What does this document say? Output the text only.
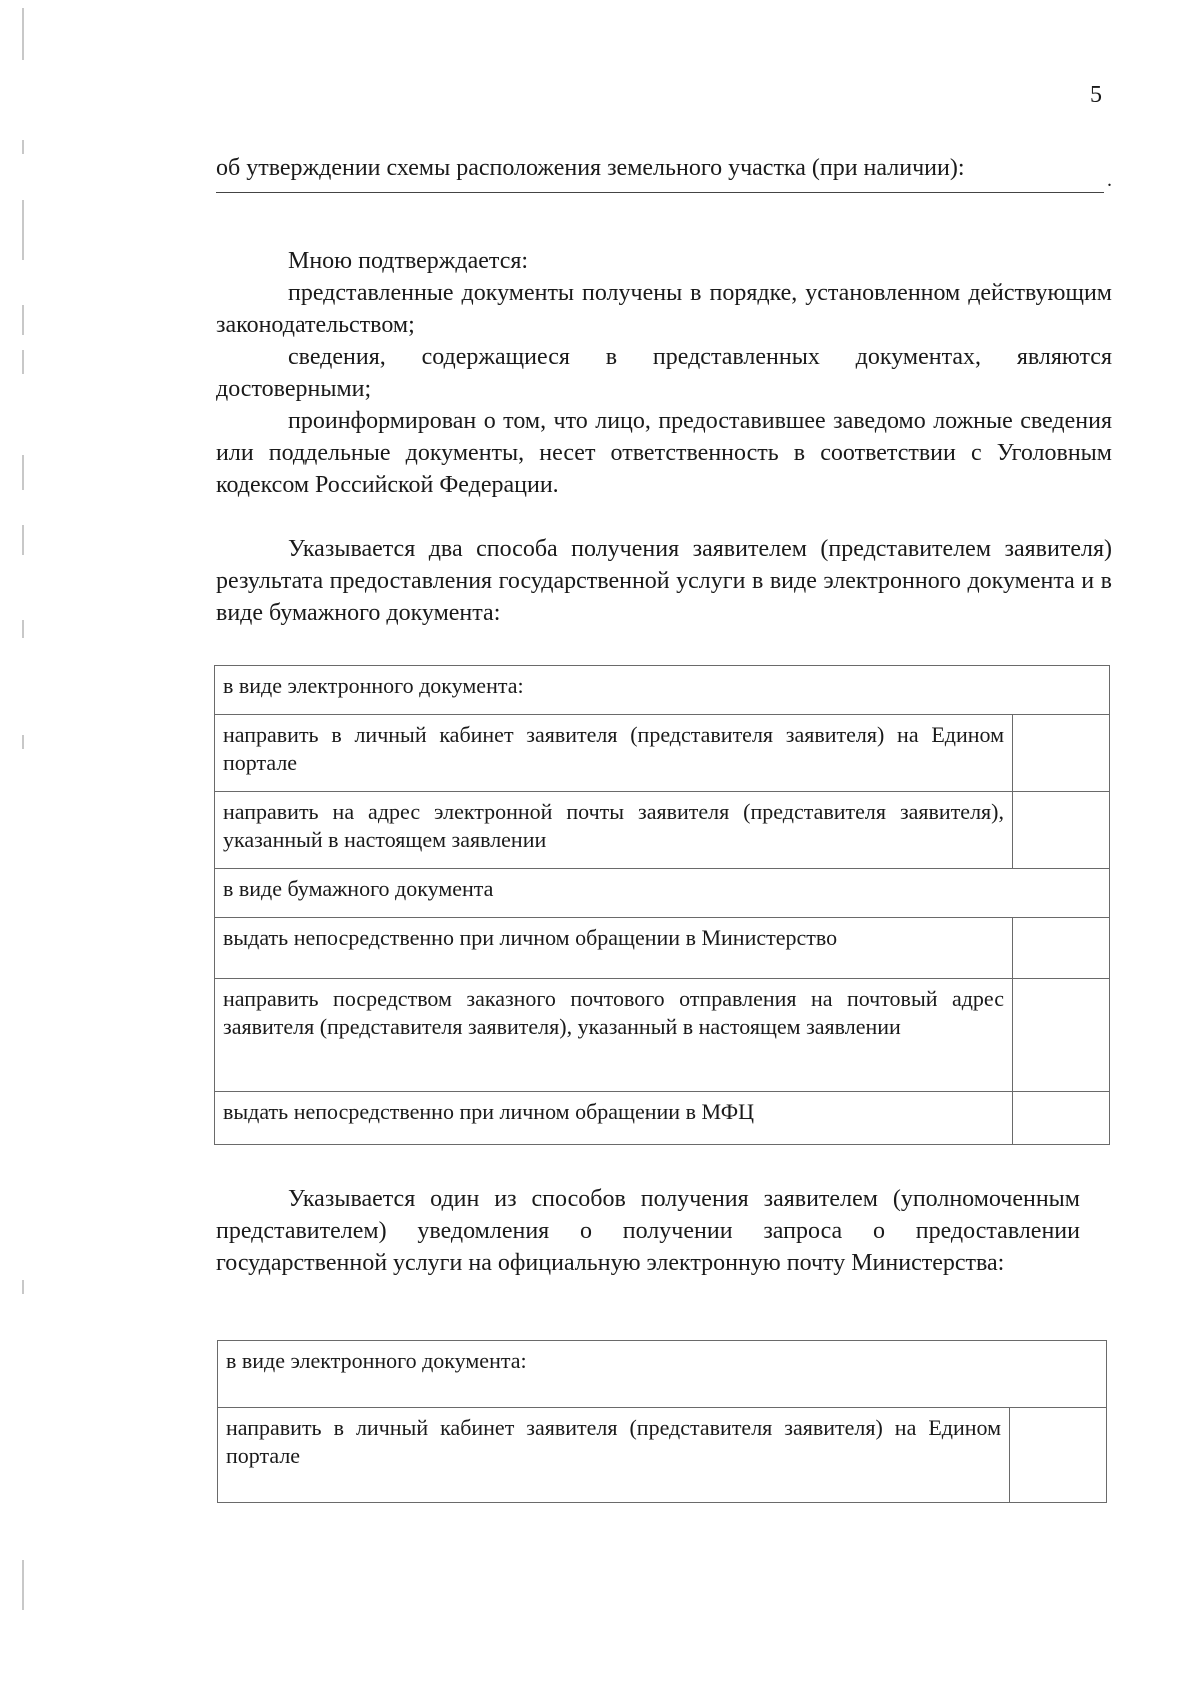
5

об утверждении схемы расположения земельного участка (при наличии):	.

Мною подтверждается:

представленные документы получены в порядке, установленном действующим законодательством;

сведения, содержащиеся в представленных документах, являются достоверными;

проинформирован о том, что лицо, предоставившее заведомо ложные сведения или поддельные документы, несет ответственность в соответствии с Уголовным кодексом Российской Федерации.

Указывается два способа получения заявителем (представителем заявителя) результата предоставления государственной услуги в виде электронного документа и в виде бумажного документа:

в виде электронного документа:	
направить в личный кабинет заявителя (представителя заявителя) на Едином портале	
направить на адрес электронной почты заявителя (представителя заявителя), указанный в настоящем заявлении	
в виде бумажного документа	
выдать непосредственно при личном обращении в Министерство	
направить посредством заказного почтового отправления на почтовый адрес заявителя (представителя заявителя), указанный в настоящем заявлении	
выдать непосредственно при личном обращении в МФЦ	

Указывается один из способов получения заявителем (уполномоченным представителем) уведомления о получении запроса о предоставлении государственной услуги на официальную электронную почту Министерства:

в виде электронного документа:
направить в личный кабинет заявителя (представителя заявителя) на Едином портале	
